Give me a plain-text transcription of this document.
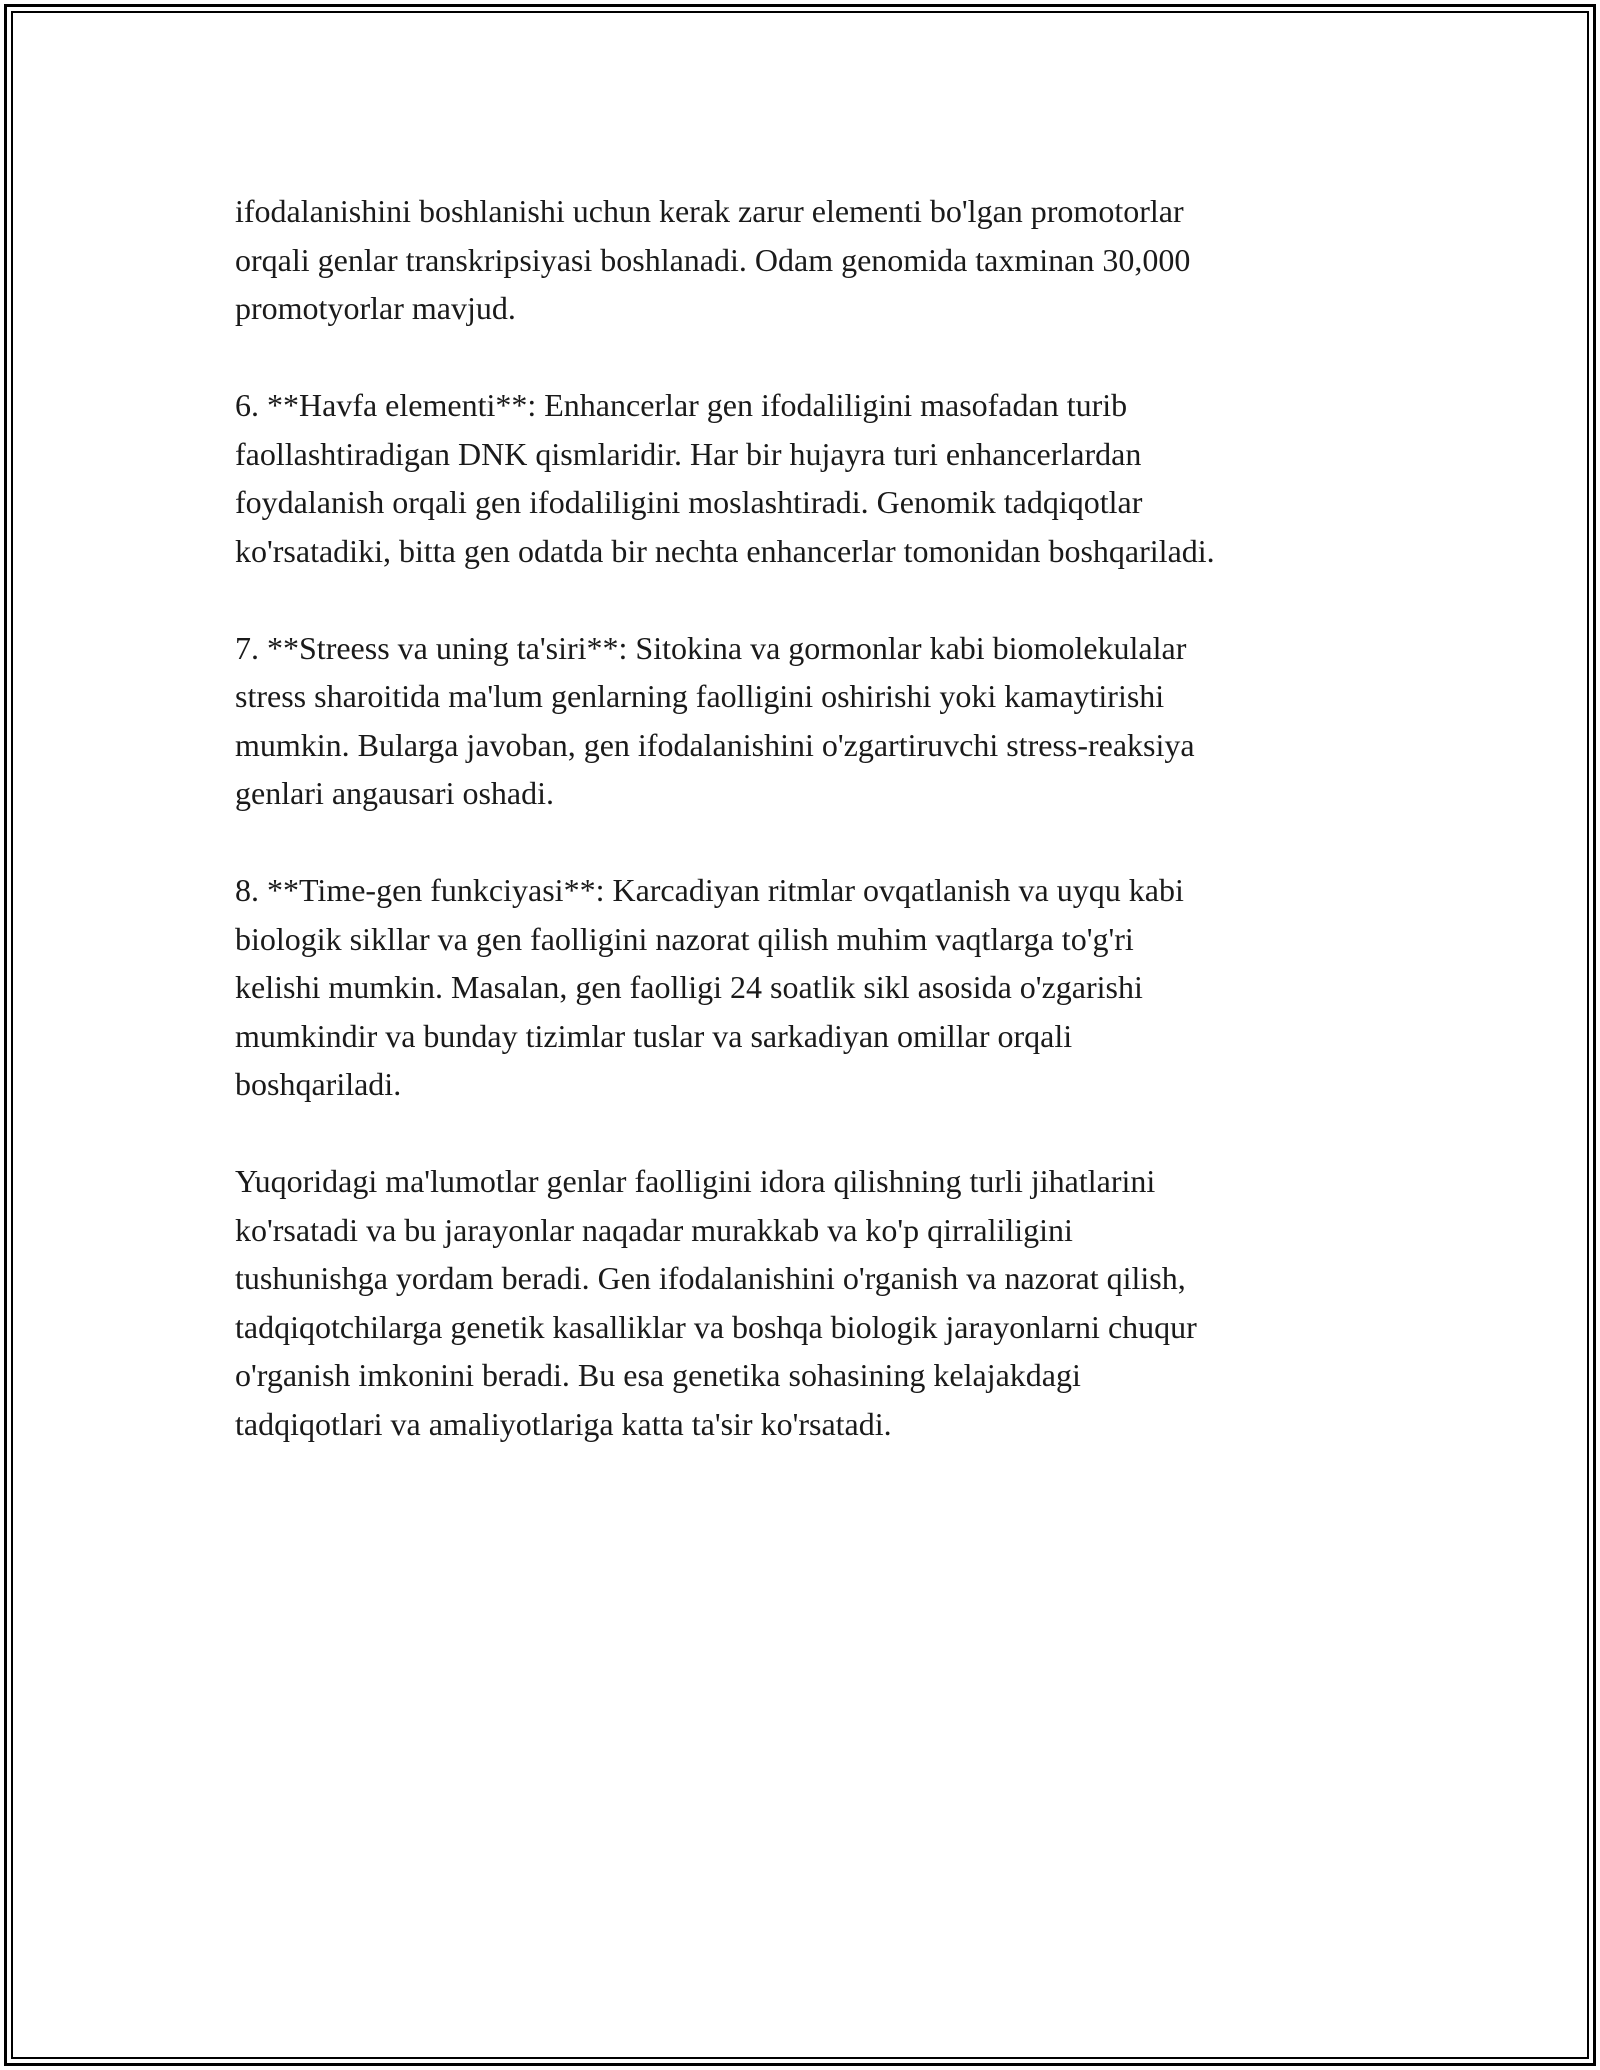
ifodalanishini boshlanishi uchun kerak zarur elementi bo'lgan promotorlar
orqali genlar transkripsiyasi boshlanadi. Odam genomida taxminan 30,000
promotyorlar mavjud.

6. **Havfa elementi**: Enhancerlar gen ifodaliligini masofadan turib
faollashtiradigan DNK qismlaridir. Har bir hujayra turi enhancerlardan
foydalanish orqali gen ifodaliligini moslashtiradi. Genomik tadqiqotlar
ko'rsatadiki, bitta gen odatda bir nechta enhancerlar tomonidan boshqariladi.

7. **Streess va uning ta'siri**: Sitokina va gormonlar kabi biomolekulalar
stress sharoitida ma'lum genlarning faolligini oshirishi yoki kamaytirishi
mumkin. Bularga javoban, gen ifodalanishini o'zgartiruvchi stress-reaksiya
genlari angausari oshadi.

8. **Time-gen funkciyasi**: Karcadiyan ritmlar ovqatlanish va uyqu kabi
biologik sikllar va gen faolligini nazorat qilish muhim vaqtlarga to'g'ri
kelishi mumkin. Masalan, gen faolligi 24 soatlik sikl asosida o'zgarishi
mumkindir va bunday tizimlar tuslar va sarkadiyan omillar orqali
boshqariladi.

Yuqoridagi ma'lumotlar genlar faolligini idora qilishning turli jihatlarini
ko'rsatadi va bu jarayonlar naqadar murakkab va ko'p qirraliligini
tushunishga yordam beradi. Gen ifodalanishini o'rganish va nazorat qilish,
tadqiqotchilarga genetik kasalliklar va boshqa biologik jarayonlarni chuqur
o'rganish imkonini beradi. Bu esa genetika sohasining kelajakdagi
tadqiqotlari va amaliyotlariga katta ta'sir ko'rsatadi.
